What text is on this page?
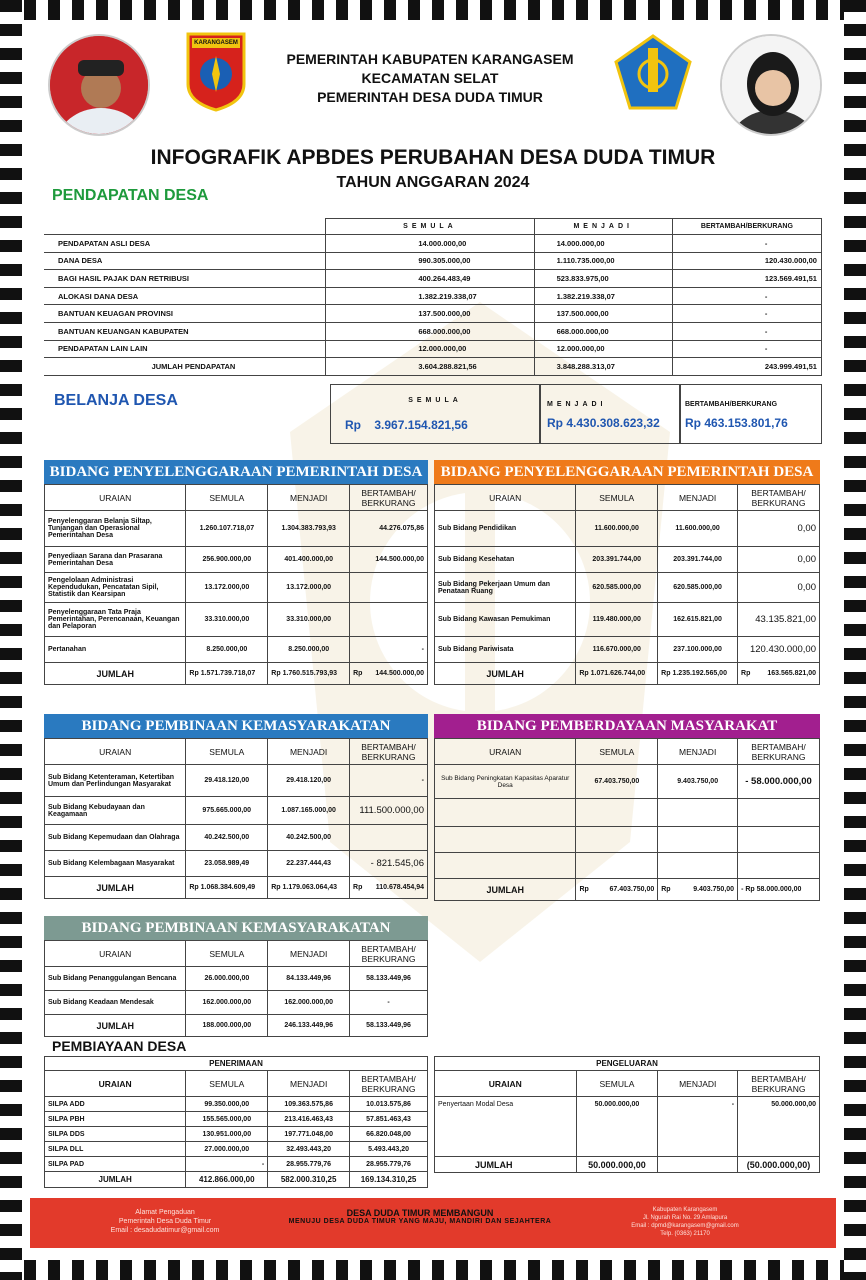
KARANGASEM
PEMERINTAH KABUPATEN KARANGASEM
KECAMATAN SELAT
PEMERINTAH DESA DUDA TIMUR
INFOGRAFIK APBDES PERUBAHAN DESA DUDA TIMUR
TAHUN ANGGARAN 2024
PENDAPATAN DESA
	SEMULA	MENJADI	BERTAMBAH/BERKURANG
PENDAPATAN ASLI DESA	14.000.000,00	14.000.000,00	-
DANA DESA	990.305.000,00	1.110.735.000,00	120.430.000,00
BAGI HASIL PAJAK DAN RETRIBUSI	400.264.483,49	523.833.975,00	123.569.491,51
ALOKASI DANA DESA	1.382.219.338,07	1.382.219.338,07	-
BANTUAN KEUAGAN PROVINSI	137.500.000,00	137.500.000,00	-
BANTUAN KEUANGAN KABUPATEN	668.000.000,00	668.000.000,00	-
PENDAPATAN LAIN LAIN	12.000.000,00	12.000.000,00	-
JUMLAH PENDAPATAN	3.604.288.821,56	3.848.288.313,07	243.999.491,51
BELANJA DESA	SEMULA
Rp 3.967.154.821,56
MENJADI
Rp 4.430.308.623,32
BERTAMBAH/BERKURANG
Rp 463.153.801,76
BIDANG PENYELENGGARAAN PEMERINTAH DESA
URAIAN	SEMULA	MENJADI	BERTAMBAH/ BERKURANG
Penyelenggaran Belanja Siltap, Tunjangan dan Operasional Pemerintahan Desa	1.260.107.718,07	1.304.383.793,93	44.276.075,86
Penyediaan Sarana dan Prasarana Pemerintahan Desa	256.900.000,00	401.400.000,00	144.500.000,00
Pengelolaan Administrasi Kependudukan, Pencatatan Sipil, Statistik dan Kearsipan	13.172.000,00	13.172.000,00	
Penyelenggaraan Tata Praja Pemerintahan, Perencanaan, Keuangan dan Pelaporan	33.310.000,00	33.310.000,00	
Pertanahan	8.250.000,00	8.250.000,00	-
JUMLAH	Rp 1.571.739.718,07	Rp 1.760.515.793,93	Rp 144.500.000,00
BIDANG PENYELENGGARAAN PEMERINTAH DESA
URAIAN	SEMULA	MENJADI	BERTAMBAH/ BERKURANG
Sub Bidang Pendidikan	11.600.000,00	11.600.000,00	0,00
Sub Bidang Kesehatan	203.391.744,00	203.391.744,00	0,00
Sub Bidang Pekerjaan Umum dan Penataan Ruang	620.585.000,00	620.585.000,00	0,00
Sub Bidang Kawasan Pemukiman	119.480.000,00	162.615.821,00	43.135.821,00
Sub Bidang Pariwisata	116.670.000,00	237.100.000,00	120.430.000,00
JUMLAH	Rp 1.071.626.744,00	Rp 1.235.192.565,00	Rp 163.565.821,00
BIDANG PEMBINAAN KEMASYARAKATAN
URAIAN	SEMULA	MENJADI	BERTAMBAH/ BERKURANG
Sub Bidang Ketenteraman, Ketertiban Umum dan Perlindungan Masyarakat	29.418.120,00	29.418.120,00	-
Sub Bidang Kebudayaan dan Keagamaan	975.665.000,00	1.087.165.000,00	111.500.000,00
Sub Bidang Kepemudaan dan Olahraga	40.242.500,00	40.242.500,00	
Sub Bidang Kelembagaan Masyarakat	23.058.989,49	22.237.444,43	- 821.545,06
JUMLAH	Rp 1.068.384.609,49	Rp 1.179.063.064,43	Rp 110.678.454,94
BIDANG PEMBERDAYAAN MASYARAKAT
URAIAN	SEMULA	MENJADI	BERTAMBAH/ BERKURANG
Sub Bidang Peningkatan Kapasitas Aparatur Desa	67.403.750,00	9.403.750,00	- 58.000.000,00

JUMLAH	Rp 67.403.750,00	Rp 9.403.750,00	- Rp 58.000.000,00
BIDANG PEMBINAAN KEMASYARAKATAN
URAIAN	SEMULA	MENJADI	BERTAMBAH/ BERKURANG
Sub Bidang Penanggulangan Bencana	26.000.000,00	84.133.449,96	58.133.449,96
Sub Bidang Keadaan Mendesak	162.000.000,00	162.000.000,00	-
JUMLAH	188.000.000,00	246.133.449,96	58.133.449,96
PEMBIAYAAN DESA
PENERIMAAN			
URAIAN	SEMULA	MENJADI	BERTAMBAH/ BERKURANG
SILPA ADD	99.350.000,00	109.363.575,86	10.013.575,86
SILPA PBH	155.565.000,00	213.416.463,43	57.851.463,43
SILPA DDS	130.951.000,00	197.771.048,00	66.820.048,00
SILPA DLL	27.000.000,00	32.493.443,20	5.493.443,20
SILPA PAD	-	28.955.779,76	28.955.779,76
JUMLAH	412.866.000,00	582.000.310,25	169.134.310,25
PENGELUARAN			
URAIAN	SEMULA	MENJADI	BERTAMBAH/ BERKURANG
Penyertaan Modal Desa	50.000.000,00	-	50.000.000,00
JUMLAH	50.000.000,00		(50.000.000,00)
Alamat Pengaduan
Pemerintah Desa Duda Timur
Email : desadudatimur@gmail.com
DESA DUDA TIMUR MEMBANGUN
MENUJU DESA DUDA TIMUR YANG MAJU, MANDIRI DAN SEJAHTERA
Kabupaten Karangasem
Jl. Ngurah Rai No. 29 Amlapura
Email : dpmd@karangasem@gmail.com
Telp. (0363) 21170
